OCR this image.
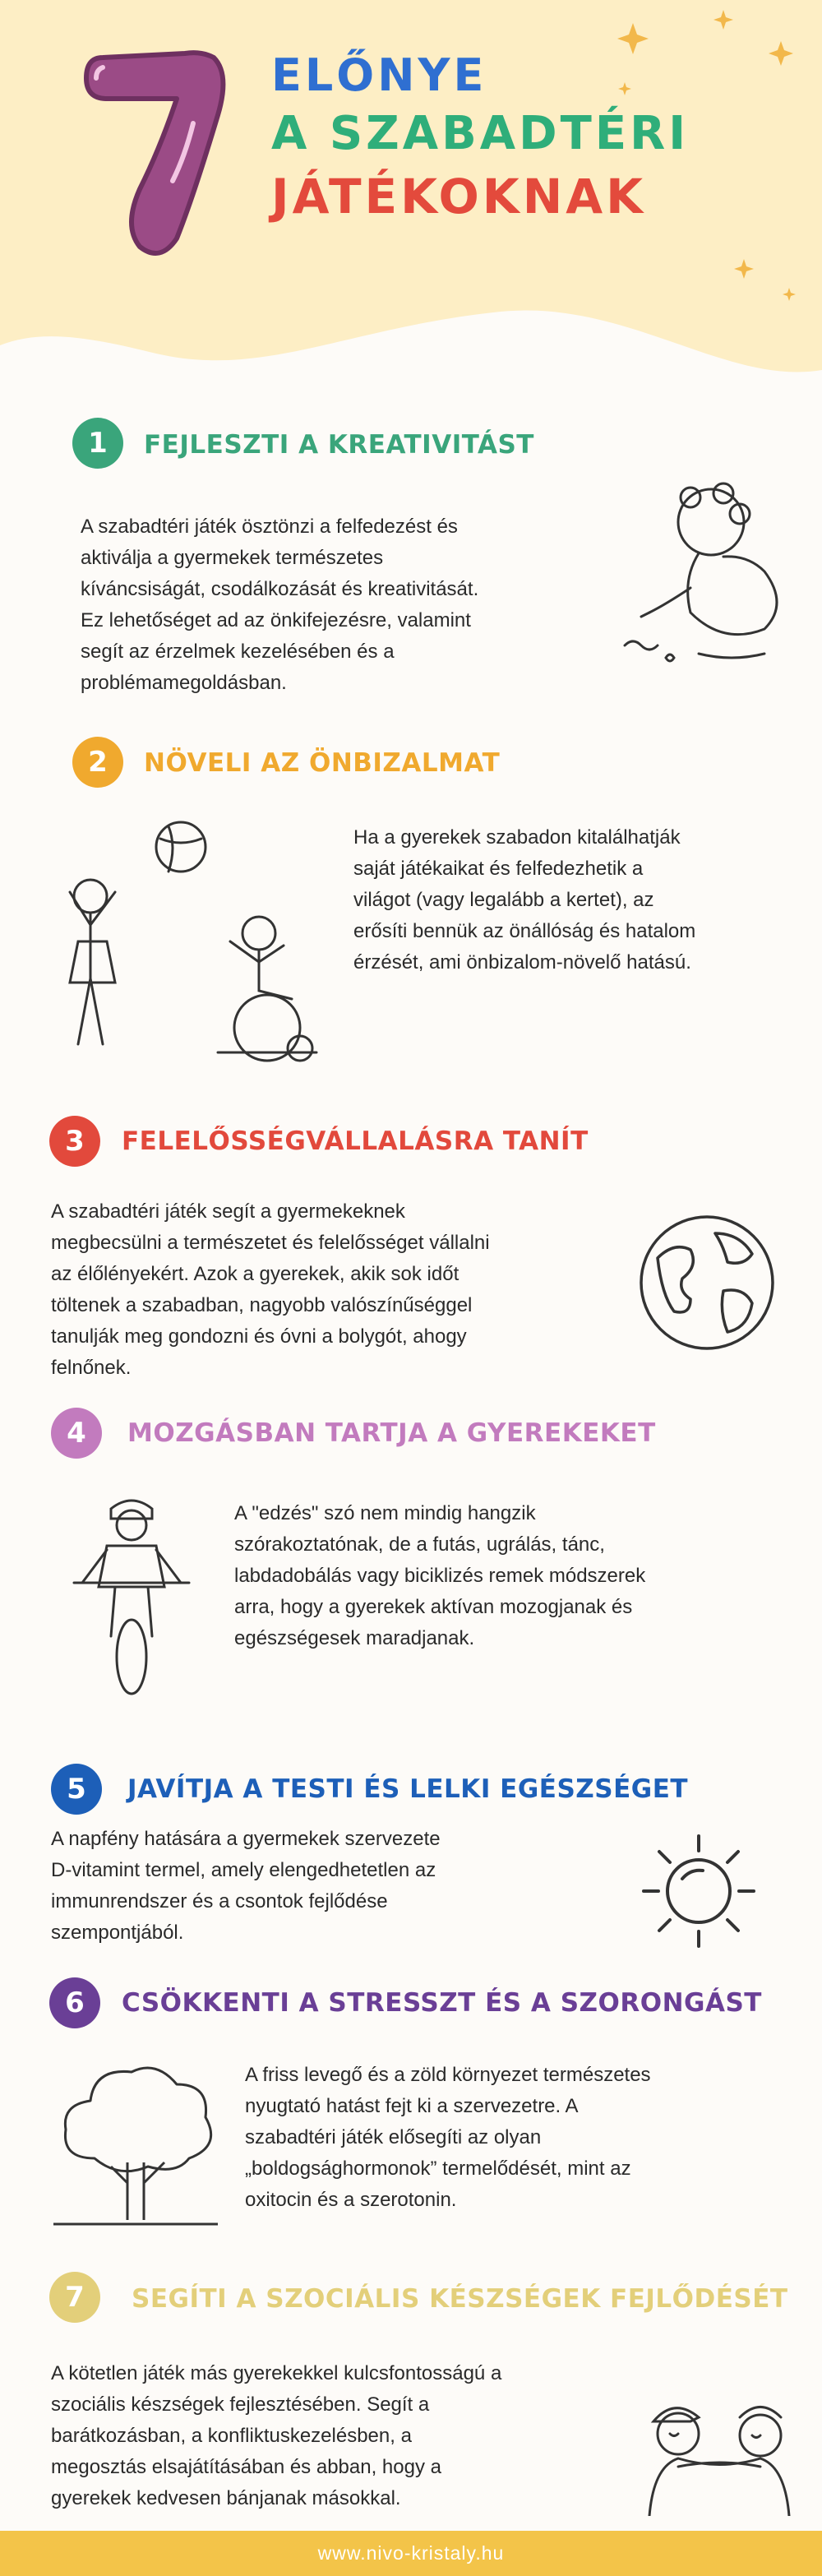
7
ELŐNYE
A SZABADTÉRI
JÁTÉKOKNAK
1	FEJLESZTI A KREATIVITÁST
A szabadtéri játék ösztönzi a felfedezést és
aktiválja a gyermekek természetes
kíváncsiságát, csodálkozását és kreativitását.
Ez lehetőséget ad az önkifejezésre, valamint
segít az érzelmek kezelésében és a
problémamegoldásban.
2	NÖVELI AZ ÖNBIZALMAT
Ha a gyerekek szabadon kitalálhatják
saját játékaikat és felfedezhetik a
világot (vagy legalább a kertet), az
erősíti bennük az önállóság és hatalom
érzését, ami önbizalom-növelő hatású.
3	FELELŐSSÉGVÁLLALÁSRA TANÍT
A szabadtéri játék segít a gyermekeknek
megbecsülni a természetet és felelősséget vállalni
az élőlényekért. Azok a gyerekek, akik sok időt
töltenek a szabadban, nagyobb valószínűséggel
tanulják meg gondozni és óvni a bolygót, ahogy
felnőnek.
4	MOZGÁSBAN TARTJA A GYEREKEKET
A "edzés" szó nem mindig hangzik
szórakoztatónak, de a futás, ugrálás, tánc,
labdadobálás vagy biciklizés remek módszerek
arra, hogy a gyerekek aktívan mozogjanak és
egészségesek maradjanak.
5	JAVÍTJA A TESTI ÉS LELKI EGÉSZSÉGET
A napfény hatására a gyermekek szervezete
D-vitamint termel, amely elengedhetetlen az
immunrendszer és a csontok fejlődése
szempontjából.
6	CSÖKKENTI A STRESSZT ÉS A SZORONGÁST
A friss levegő és a zöld környezet természetes
nyugtató hatást fejt ki a szervezetre. A
szabadtéri játék elősegíti az olyan
„boldogsághormonok” termelődését, mint az
oxitocin és a szerotonin.
7	SEGÍTI A SZOCIÁLIS KÉSZSÉGEK FEJLŐDÉSÉT
A kötetlen játék más gyerekekkel kulcsfontosságú a
szociális készségek fejlesztésében. Segít a
barátkozásban, a konfliktuskezelésben, a
megosztás elsajátításában és abban, hogy a
gyerekek kedvesen bánjanak másokkal.
www.nivo-kristaly.hu
